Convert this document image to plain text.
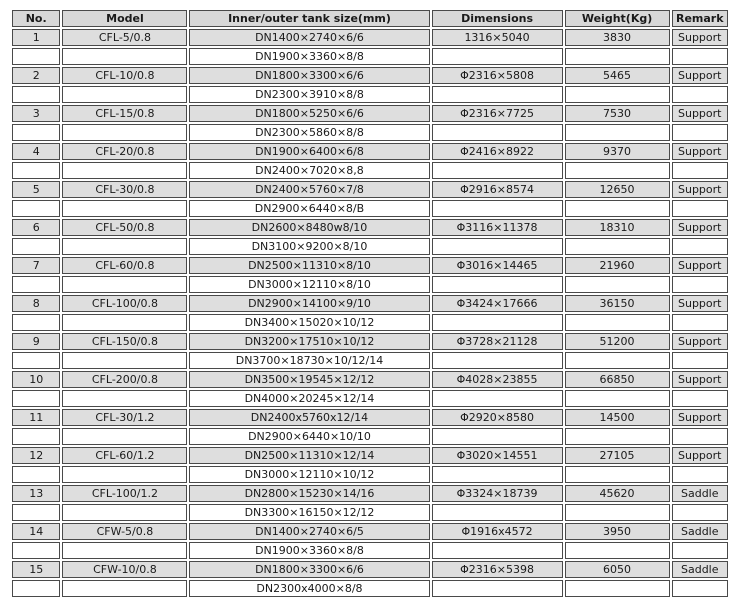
No.	Model	Inner/outer tank size(mm)	Dimensions	Weight(Kg)	Remark
1	CFL-5/0.8	DN1400×2740×6/6	1316×5040	3830	Support
		DN1900×3360×8/8			
2	CFL-10/0.8	DN1800×3300×6/6	Φ2316×5808	5465	Support
		DN2300×3910×8/8			
3	CFL-15/0.8	DN1800×5250×6/6	Φ2316×7725	7530	Support
		DN2300×5860×8/8			
4	CFL-20/0.8	DN1900×6400×6/8	Φ2416×8922	9370	Support
		DN2400×7020×8,8			
5	CFL-30/0.8	DN2400×5760×7/8	Φ2916×8574	12650	Support
		DN2900×6440×8/B			
6	CFL-50/0.8	DN2600×8480w8/10	Φ3116×11378	18310	Support
		DN3100×9200×8/10			
7	CFL-60/0.8	DN2500×11310×8/10	Φ3016×14465	21960	Support
		DN3000×12110×8/10			
8	CFL-100/0.8	DN2900×14100×9/10	Φ3424×17666	36150	Support
		DN3400×15020×10/12			
9	CFL-150/0.8	DN3200×17510×10/12	Φ3728×21128	51200	Support
		DN3700×18730×10/12/14			
10	CFL-200/0.8	DN3500×19545×12/12	Φ4028×23855	66850	Support
		DN4000×20245×12/14			
11	CFL-30/1.2	DN2400x5760x12/14	Φ2920×8580	14500	Support
		DN2900×6440×10/10			
12	CFL-60/1.2	DN2500×11310×12/14	Φ3020×14551	27105	Support
		DN3000×12110×10/12			
13	CFL-100/1.2	DN2800×15230×14/16	Φ3324×18739	45620	Saddle
		DN3300×16150×12/12			
14	CFW-5/0.8	DN1400×2740×6/5	Φ1916x4572	3950	Saddle
		DN1900×3360×8/8			
15	CFW-10/0.8	DN1800×3300×6/6	Φ2316×5398	6050	Saddle
		DN2300x4000×8/8			
